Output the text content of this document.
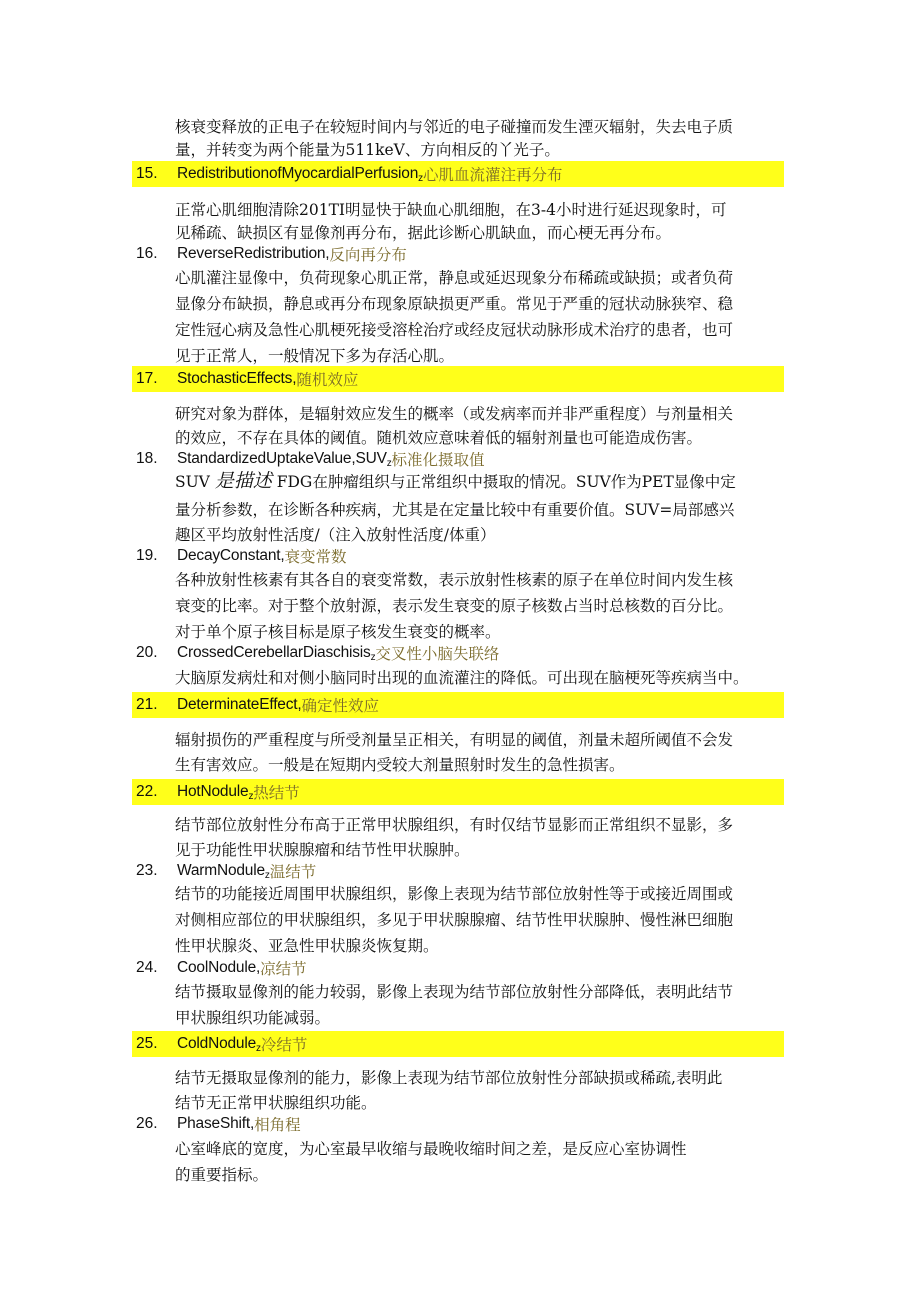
核衰变释放的正电子在较短时间内与邻近的电子碰撞而发生湮灭辐射，失去电子质
量，并转变为两个能量为511keV、方向相反的丫光子。
15.	RedistributionofMyocardialPerfusion z 心肌血流灌注再分布
正常心肌细胞清除201TI明显快于缺血心肌细胞，在3-4小时进行延迟现象时，可
见稀疏、缺损区有显像剂再分布，据此诊断心肌缺血，而心梗无再分布。
16.	ReverseRedistribution , 反向再分布
心肌灌注显像中，负荷现象心肌正常，静息或延迟现象分布稀疏或缺损；或者负荷
显像分布缺损，静息或再分布现象原缺损更严重。常见于严重的冠状动脉狭窄、稳
定性冠心病及急性心肌梗死接受溶栓治疗或经皮冠状动脉形成术治疗的患者，也可
见于正常人，一般情况下多为存活心肌。
17.	StochasticEffects , 随机效应
研究对象为群体，是辐射效应发生的概率（或发病率而并非严重程度）与剂量相关
的效应，不存在具体的阈值。随机效应意味着低的辐射剂量也可能造成伤害。
18.	StandardizedUptakeValue,SUV z 标准化摄取值
SUV 是描述 FDG在肿瘤组织与正常组织中摄取的情况。SUV作为PET显像中定
量分析参数，在诊断各种疾病，尤其是在定量比较中有重要价值。SUV=局部感兴
趣区平均放射性活度/（注入放射性活度/体重）
19.	DecayConstant , 衰变常数
各种放射性核素有其各自的衰变常数，表示放射性核素的原子在单位时间内发生核
衰变的比率。对于整个放射源，表示发生衰变的原子核数占当时总核数的百分比。
对于单个原子核目标是原子核发生衰变的概率。
20.	CrossedCerebellarDiaschisis z 交叉性小脑失联络
大脑原发病灶和对侧小脑同时出现的血流灌注的降低。可出现在脑梗死等疾病当中。
21.	DeterminateEffect , 确定性效应
辐射损伤的严重程度与所受剂量呈正相关，有明显的阈值，剂量未超所阈值不会发
生有害效应。一般是在短期内受较大剂量照射时发生的急性损害。
22.	HotNodule z 热结节
结节部位放射性分布高于正常甲状腺组织，有时仅结节显影而正常组织不显影，多
见于功能性甲状腺腺瘤和结节性甲状腺肿。
23.	WarmNodule z 温结节
结节的功能接近周围甲状腺组织，影像上表现为结节部位放射性等于或接近周围或
对侧相应部位的甲状腺组织，多见于甲状腺腺瘤、结节性甲状腺肿、慢性淋巴细胞
性甲状腺炎、亚急性甲状腺炎恢复期。
24.	CoolNodule , 凉结节
结节摄取显像剂的能力较弱，影像上表现为结节部位放射性分部降低，表明此结节
甲状腺组织功能减弱。
25.	ColdNodule z 冷结节
结节无摄取显像剂的能力，影像上表现为结节部位放射性分部缺损或稀疏,表明此
结节无正常甲状腺组织功能。
26.	PhaseShift , 相角程
心室峰底的宽度，为心室最早收缩与最晚收缩时间之差，是反应心室协调性
的重要指标。
